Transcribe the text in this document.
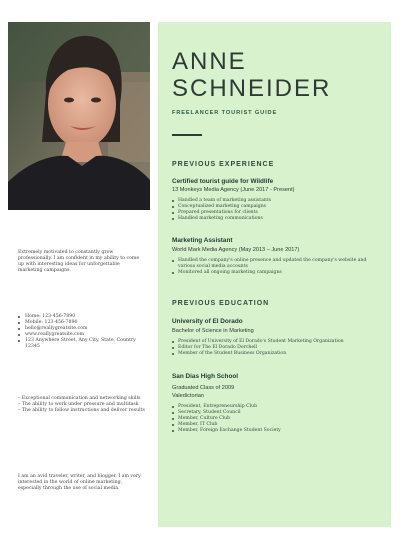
ANNE
SCHNEIDER
FREELANCER TOURIST GUIDE
PREVIOUS EXPERIENCE
Certified tourist guide for Wildlife
13 Monkeys Media Agency (June 2017 - Present)
Handled a team of marketing assistants
Conceptualized marketing campaigns
Prepared presentations for clients
Handled marketing communications
Marketing Assistant
World Mark Media Agency (May 2013 – June 2017)
Handled the company's online presence and updated the company's website and various social media accounts
Monitored all ongoing marketing campaigns
PREVIOUS EDUCATION
University of El Dorado
Bachelor of Science in Marketing
President of University of El Dorado's Student Marketing Organization
Editor for The El Dorado Dorchell
Member of the Student Business Organization
San Dias High School
Graduated Class of 2009
Valedictorian
President, Entrepreneurship Club
Secretary, Student Council
Member, Culture Club
Member, IT Club
Member, Foreign Exchange Student Society
Extremely motivated to constantly grow professionally. I am confident in my ability to come up with interesting ideas for unforgettable marketing campaigns.
Home: 123-456-7890
Mobile: 123-456-7890
hello@reallygreatsite.com
www.reallygreatsite.com
123 Anywhere Street, Any City, State, Country 12345
– Exceptional communication and networking skills
– The ability to work under pressure and multitask
– The ability to follow instructions and deliver results
I am an avid traveler, writer, and blogger. I am very interested in the world of online marketing, especially through the use of social media.
